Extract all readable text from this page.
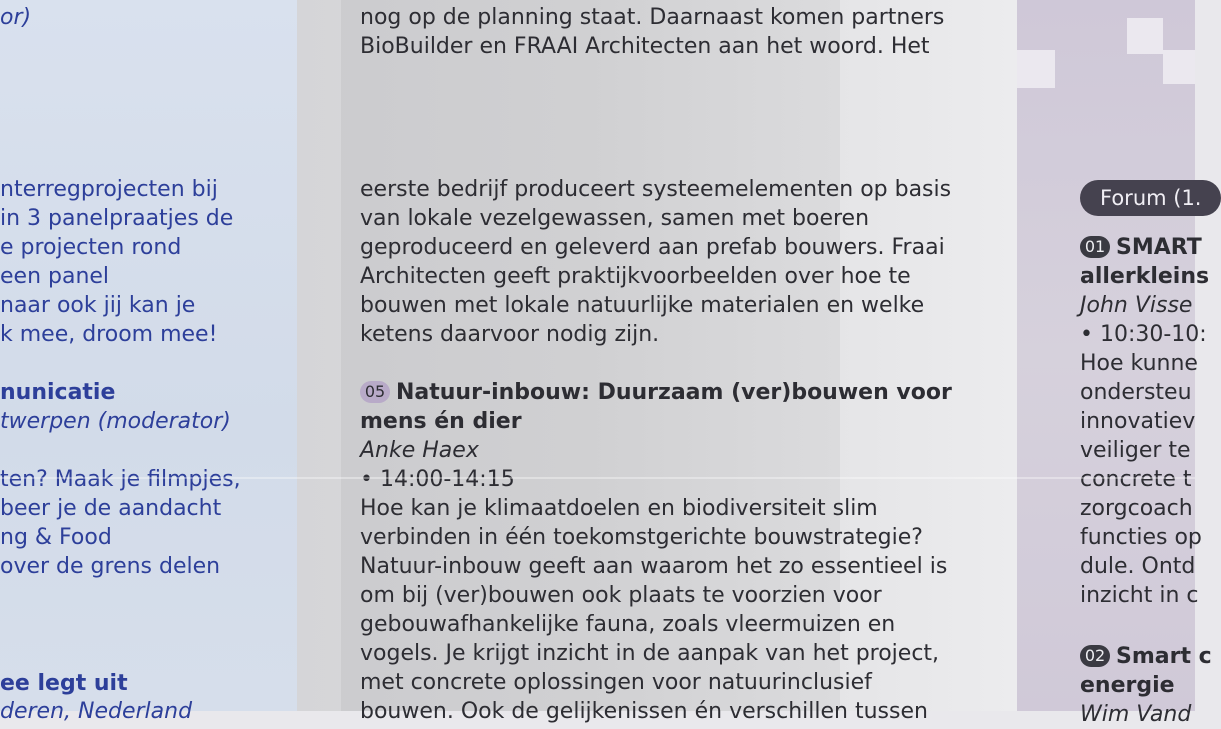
or)
nterregprojecten bij
in 3 panelpraatjes de
e projecten rond
een panel
naar ook jij kan je
k mee, droom mee!
nunicatie
twerpen (moderator)
ten? Maak je filmpjes,
beer je de aandacht
ng & Food
over de grens delen
ee legt uit
deren, Nederland
nog op de planning staat. Daarnaast komen partners
BioBuilder en FRAAI Architecten aan het woord. Het
eerste bedrijf produceert systeemelementen op basis
van lokale vezelgewassen, samen met boeren
geproduceerd en geleverd aan prefab bouwers. Fraai
Architecten geeft praktijkvoorbeelden over hoe te
bouwen met lokale natuurlijke materialen en welke
ketens daarvoor nodig zijn.
05 Natuur-inbouw: Duurzaam (ver)bouwen voor
mens én dier
Anke Haex
• 14:00-14:15
Hoe kan je klimaatdoelen en biodiversiteit slim
verbinden in één toekomstgerichte bouwstrategie?
Natuur-inbouw geeft aan waarom het zo essentieel is
om bij (ver)bouwen ook plaats te voorzien voor
gebouwafhankelijke fauna, zoals vleermuizen en
vogels. Je krijgt inzicht in de aanpak van het project,
met concrete oplossingen voor natuurinclusief
bouwen. Ook de gelijkenissen én verschillen tussen
Forum (1.
01 SMART
allerkleins
John Visse
• 10:30-10:
Hoe kunne
ondersteu
innovatiev
veiliger te
concrete t
zorgcoach
functies op
dule. Ontd
inzicht in c
02 Smart c
energie
Wim Vand
